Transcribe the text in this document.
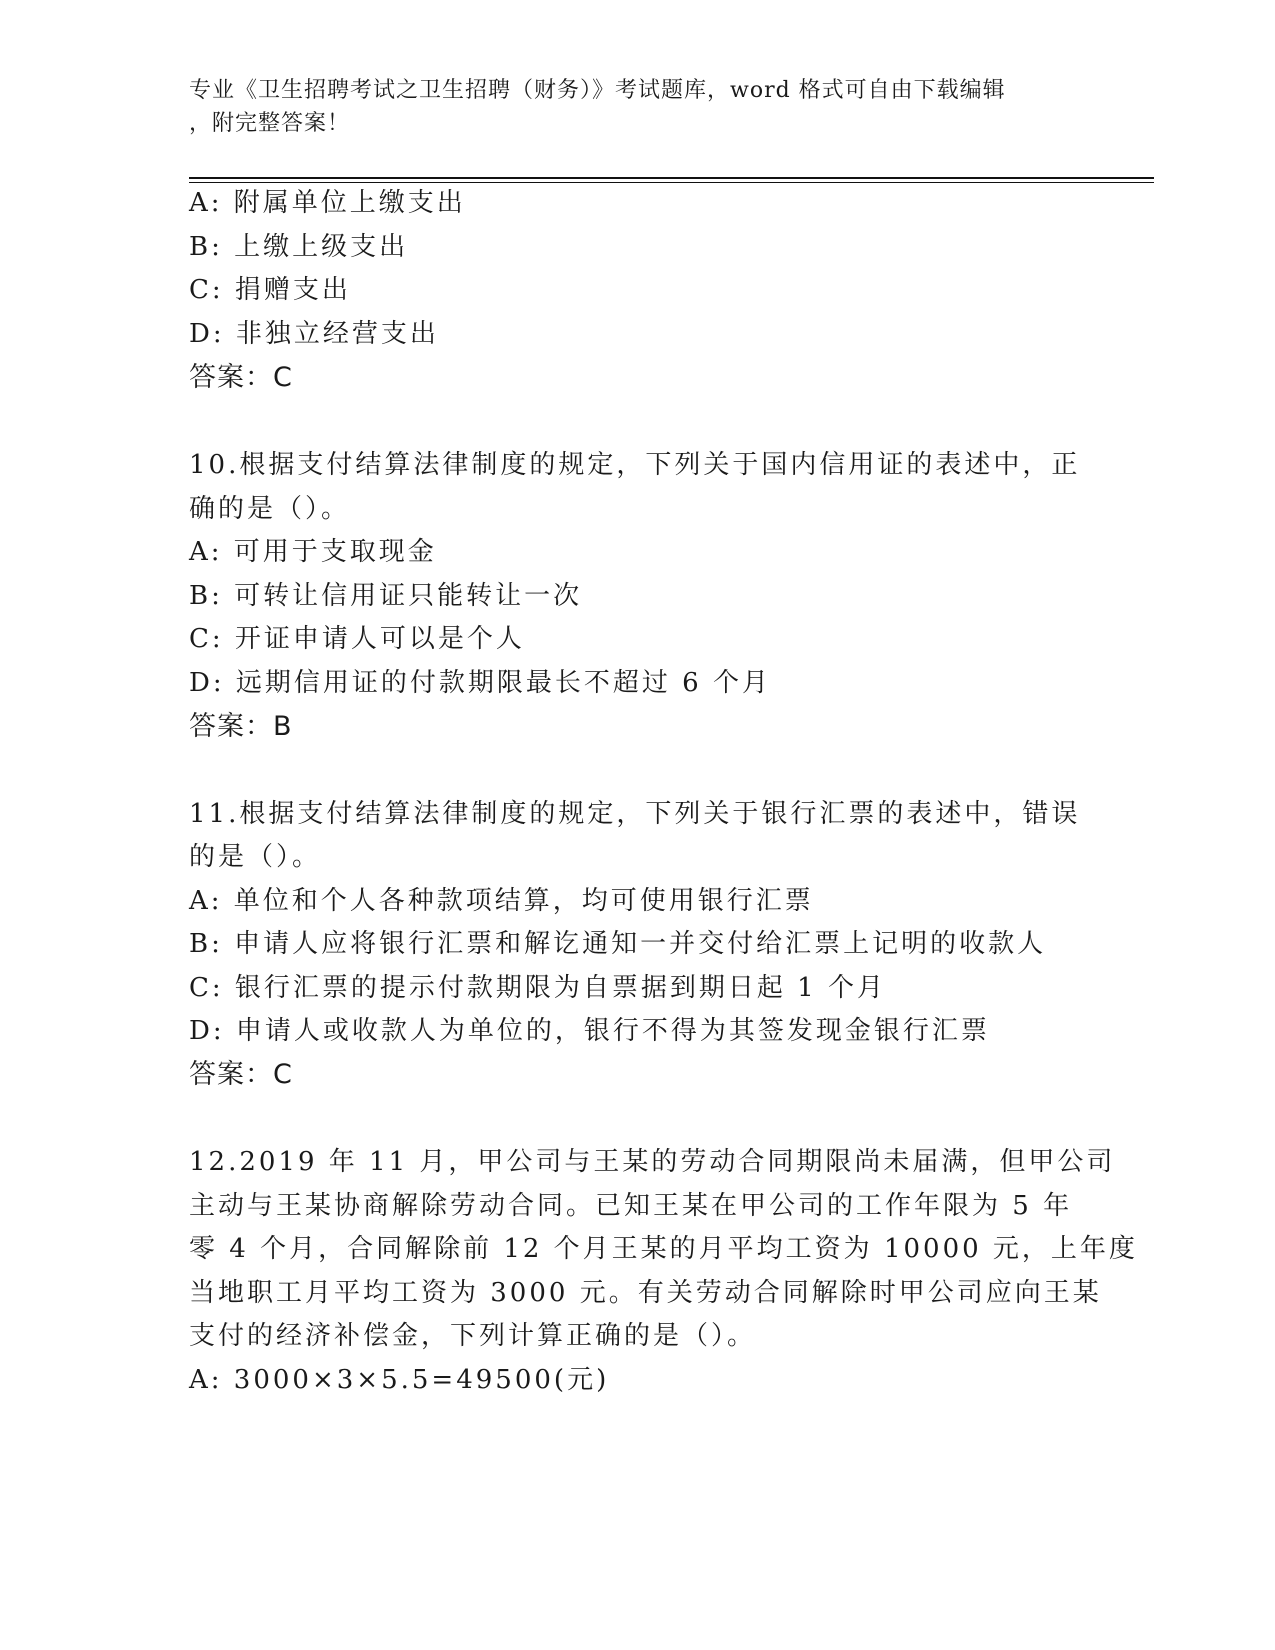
专业《卫生招聘考试之卫生招聘（财务）》考试题库，word 格式可自由下载编辑
，附完整答案！
A: 附属单位上缴支出
B: 上缴上级支出
C: 捐赠支出
D: 非独立经营支出
答案：C
10.根据支付结算法律制度的规定，下列关于国内信用证的表述中，正
确的是（）。
A: 可用于支取现金
B: 可转让信用证只能转让一次
C: 开证申请人可以是个人
D: 远期信用证的付款期限最长不超过 6 个月
答案：B
11.根据支付结算法律制度的规定，下列关于银行汇票的表述中，错误
的是（）。
A: 单位和个人各种款项结算，均可使用银行汇票
B: 申请人应将银行汇票和解讫通知一并交付给汇票上记明的收款人
C: 银行汇票的提示付款期限为自票据到期日起 1 个月
D: 申请人或收款人为单位的，银行不得为其签发现金银行汇票
答案：C
12.2019 年 11 月，甲公司与王某的劳动合同期限尚未届满，但甲公司
主动与王某协商解除劳动合同。已知王某在甲公司的工作年限为 5 年
零 4 个月，合同解除前 12 个月王某的月平均工资为 10000 元，上年度
当地职工月平均工资为 3000 元。有关劳动合同解除时甲公司应向王某
支付的经济补偿金，下列计算正确的是（）。
A: 3000×3×5.5=49500(元)
